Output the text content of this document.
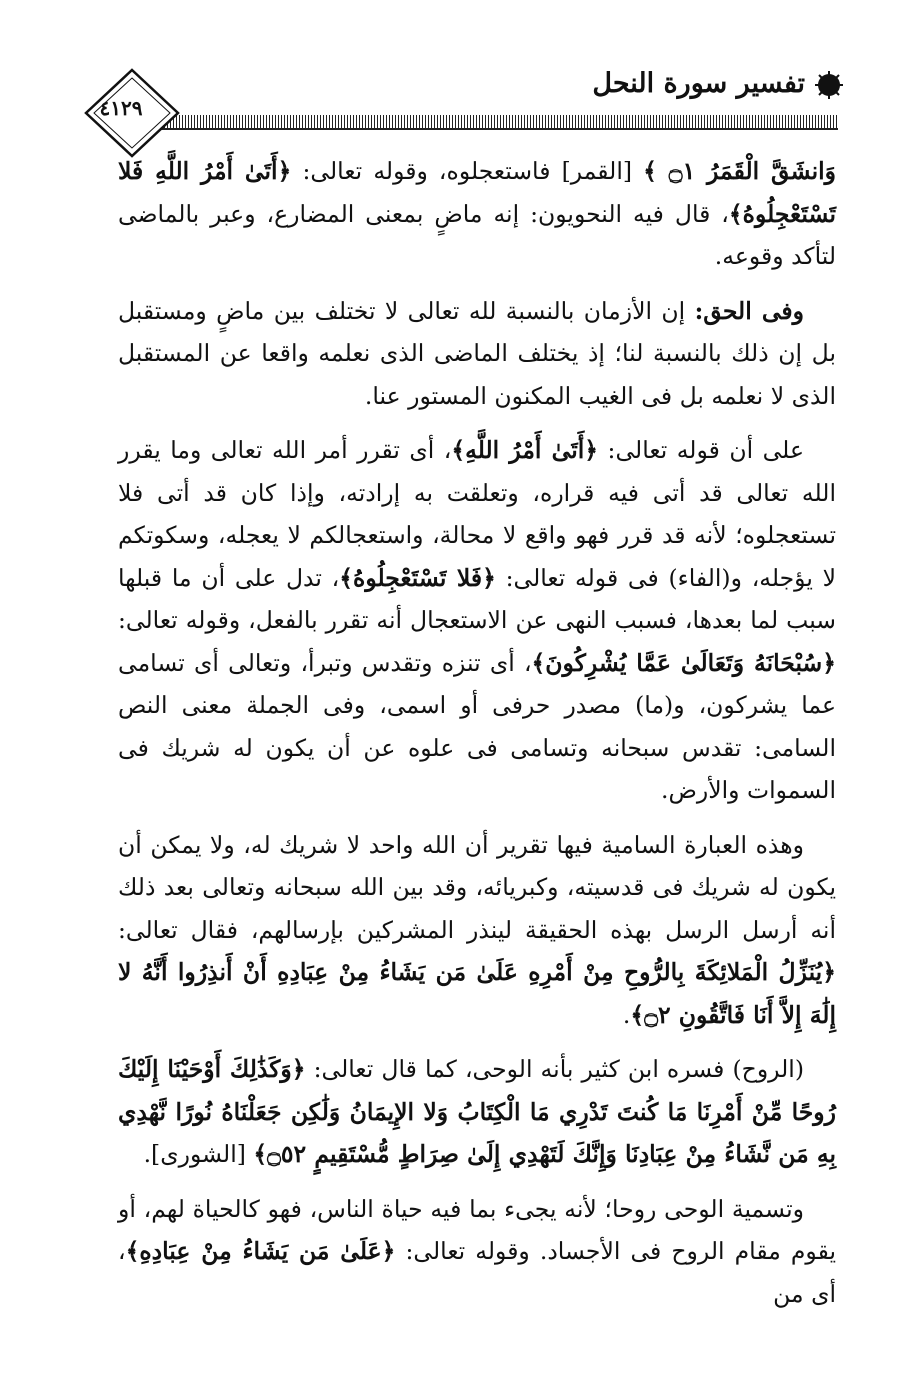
٤١٢٩
تفسير سورة النحل

وَانشَقَّ الْقَمَرُ ۝١ ﴾ [القمر] فاستعجلوه، وقوله تعالى: ﴿أَتَىٰ أَمْرُ اللَّهِ فَلا تَسْتَعْجِلُوهُ﴾، قال فيه النحويون: إنه ماضٍ بمعنى المضارع، وعبر بالماضى لتأكد وقوعه.

وفى الحق: إن الأزمان بالنسبة لله تعالى لا تختلف بين ماضٍ ومستقبل بل إن ذلك بالنسبة لنا؛ إذ يختلف الماضى الذى نعلمه واقعا عن المستقبل الذى لا نعلمه بل فى الغيب المكنون المستور عنا.

على أن قوله تعالى: ﴿أَتَىٰ أَمْرُ اللَّهِ﴾، أى تقرر أمر الله تعالى وما يقرر الله تعالى قد أتى فيه قراره، وتعلقت به إرادته، وإذا كان قد أتى فلا تستعجلوه؛ لأنه قد قرر فهو واقع لا محالة، واستعجالكم لا يعجله، وسكوتكم لا يؤجله، و(الفاء) فى قوله تعالى: ﴿فَلا تَسْتَعْجِلُوهُ﴾، تدل على أن ما قبلها سبب لما بعدها، فسبب النهى عن الاستعجال أنه تقرر بالفعل، وقوله تعالى: ﴿سُبْحَانَهُ وَتَعَالَىٰ عَمَّا يُشْرِكُونَ﴾، أى تنزه وتقدس وتبرأ، وتعالى أى تسامى عما يشركون، و(ما) مصدر حرفى أو اسمى، وفى الجملة معنى النص السامى: تقدس سبحانه وتسامى فى علوه عن أن يكون له شريك فى السموات والأرض.

وهذه العبارة السامية فيها تقرير أن الله واحد لا شريك له، ولا يمكن أن يكون له شريك فى قدسيته، وكبريائه، وقد بين الله سبحانه وتعالى بعد ذلك أنه أرسل الرسل بهذه الحقيقة لينذر المشركين بإرسالهم، فقال تعالى: ﴿يُنَزِّلُ الْمَلائِكَةَ بِالرُّوحِ مِنْ أَمْرِهِ عَلَىٰ مَن يَشَاءُ مِنْ عِبَادِهِ أَنْ أَنذِرُوا أَنَّهُ لا إِلَٰهَ إِلاَّ أَنَا فَاتَّقُونِ ۝٢﴾.

(الروح) فسره ابن كثير بأنه الوحى، كما قال تعالى: ﴿وَكَذَٰلِكَ أَوْحَيْنَا إِلَيْكَ رُوحًا مِّنْ أَمْرِنَا مَا كُنتَ تَدْرِي مَا الْكِتَابُ وَلا الإِيمَانُ وَلَٰكِن جَعَلْنَاهُ نُورًا نَّهْدِي بِهِ مَن نَّشَاءُ مِنْ عِبَادِنَا وَإِنَّكَ لَتَهْدِي إِلَىٰ صِرَاطٍ مُّسْتَقِيمٍ ۝٥٢﴾ [الشورى].

وتسمية الوحى روحا؛ لأنه يجىء بما فيه حياة الناس، فهو كالحياة لهم، أو يقوم مقام الروح فى الأجساد. وقوله تعالى: ﴿عَلَىٰ مَن يَشَاءُ مِنْ عِبَادِهِ﴾، أى من
